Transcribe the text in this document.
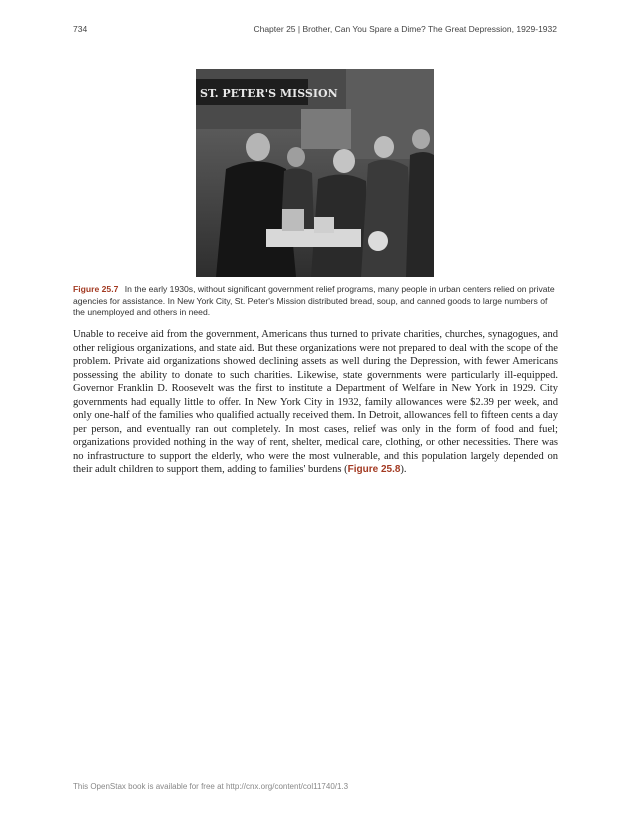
734	Chapter 25 | Brother, Can You Spare a Dime? The Great Depression, 1929-1932
ST. PETER'S MISSION
Figure 25.7 In the early 1930s, without significant government relief programs, many people in urban centers relied on private agencies for assistance. In New York City, St. Peter's Mission distributed bread, soup, and canned goods to large numbers of the unemployed and others in need.

Unable to receive aid from the government, Americans thus turned to private charities, churches, synagogues, and other religious organizations, and state aid. But these organizations were not prepared to deal with the scope of the problem. Private aid organizations showed declining assets as well during the Depression, with fewer Americans possessing the ability to donate to such charities. Likewise, state governments were particularly ill-equipped. Governor Franklin D. Roosevelt was the first to institute a Department of Welfare in New York in 1929. City governments had equally little to offer. In New York City in 1932, family allowances were $2.39 per week, and only one-half of the families who qualified actually received them. In Detroit, allowances fell to fifteen cents a day per person, and eventually ran out completely. In most cases, relief was only in the form of food and fuel; organizations provided nothing in the way of rent, shelter, medical care, clothing, or other necessities. There was no infrastructure to support the elderly, who were the most vulnerable, and this population largely depended on their adult children to support them, adding to families' burdens (Figure 25.8).

This OpenStax book is available for free at http://cnx.org/content/col11740/1.3
